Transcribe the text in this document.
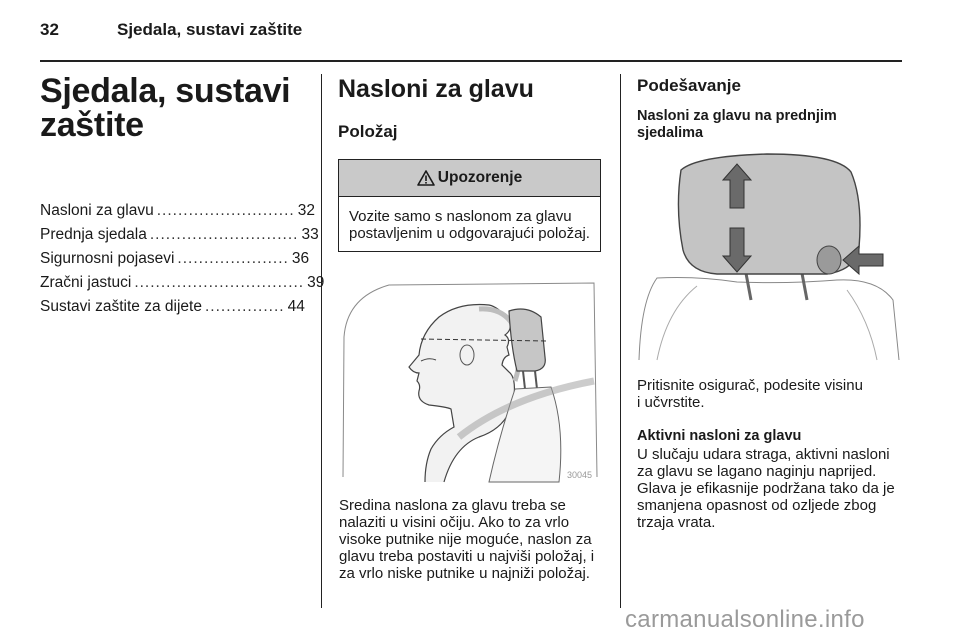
32	Sjedala, sustavi zaštite
Sjedala, sustavi
zaštite
Nasloni za glavu .......................... 32
Prednja sjedala ............................ 33
Sigurnosni pojasevi ..................... 36
Zračni jastuci ................................ 39
Sustavi zaštite za dijete ............... 44
Nasloni za glavu
Položaj
Upozorenje
Vozite samo s naslonom za glavu postavljenim u odgovarajući položaj.
30045
Sredina naslona za glavu treba se nalaziti u visini očiju. Ako to za vrlo visoke putnike nije moguće, naslon za glavu treba postaviti u najviši položaj, i za vrlo niske putnike u najniži položaj.
Podešavanje
Nasloni za glavu na prednjim
sjedalima
Pritisnite osigurač, podesite visinu
i učvrstite.
Aktivni nasloni za glavu
U slučaju udara straga, aktivni nasloni za glavu se lagano naginju naprijed. Glava je efikasnije podržana tako da je smanjena opasnost od ozljede zbog trzaja vrata.
carmanualsonline.info
